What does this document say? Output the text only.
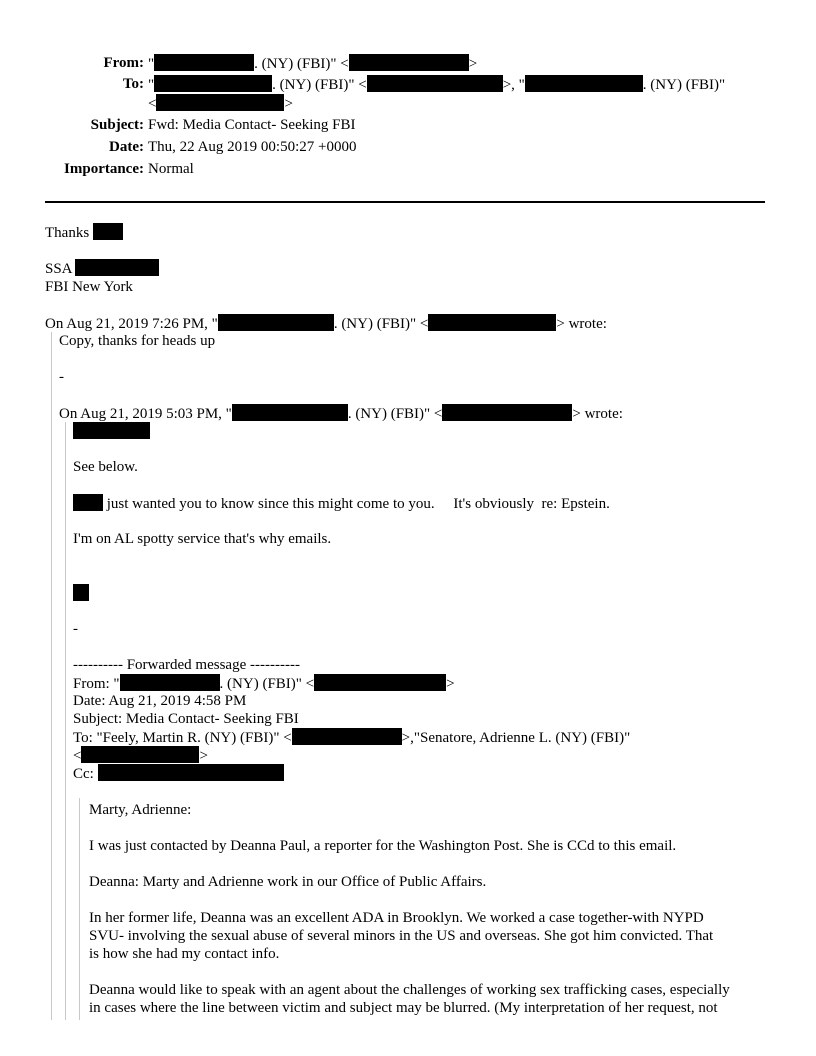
From: "	. (NY) (FBI)" <	>
To: "	. (NY) (FBI)" <	>, "	. (NY) (FBI)"
<	>
Subject: Fwd: Media Contact- Seeking FBI
Date: Thu, 22 Aug 2019 00:50:27 +0000
Importance: Normal
Thanks
SSA
FBI New York
On Aug 21, 2019 7:26 PM, "	. (NY) (FBI)" <	> wrote:
Copy, thanks for heads up
-
On Aug 21, 2019 5:03 PM, "	. (NY) (FBI)" <	> wrote:
See below.
just wanted you to know since this might come to you.     It's obviously  re: Epstein.
I'm on AL spotty service that's why emails.
-
---------- Forwarded message ----------
From: "	. (NY) (FBI)" <	>
Date: Aug 21, 2019 4:58 PM
Subject: Media Contact- Seeking FBI
To: "Feely, Martin R. (NY) (FBI)" <	>,"Senatore, Adrienne L. (NY) (FBI)"
<	>
Cc:
Marty, Adrienne:
I was just contacted by Deanna Paul, a reporter for the Washington Post. She is CCd to this email.
Deanna: Marty and Adrienne work in our Office of Public Affairs.
In her former life, Deanna was an excellent ADA in Brooklyn. We worked a case together-with NYPD
SVU- involving the sexual abuse of several minors in the US and overseas. She got him convicted. That
is how she had my contact info.
Deanna would like to speak with an agent about the challenges of working sex trafficking cases, especially
in cases where the line between victim and subject may be blurred. (My interpretation of her request, not
